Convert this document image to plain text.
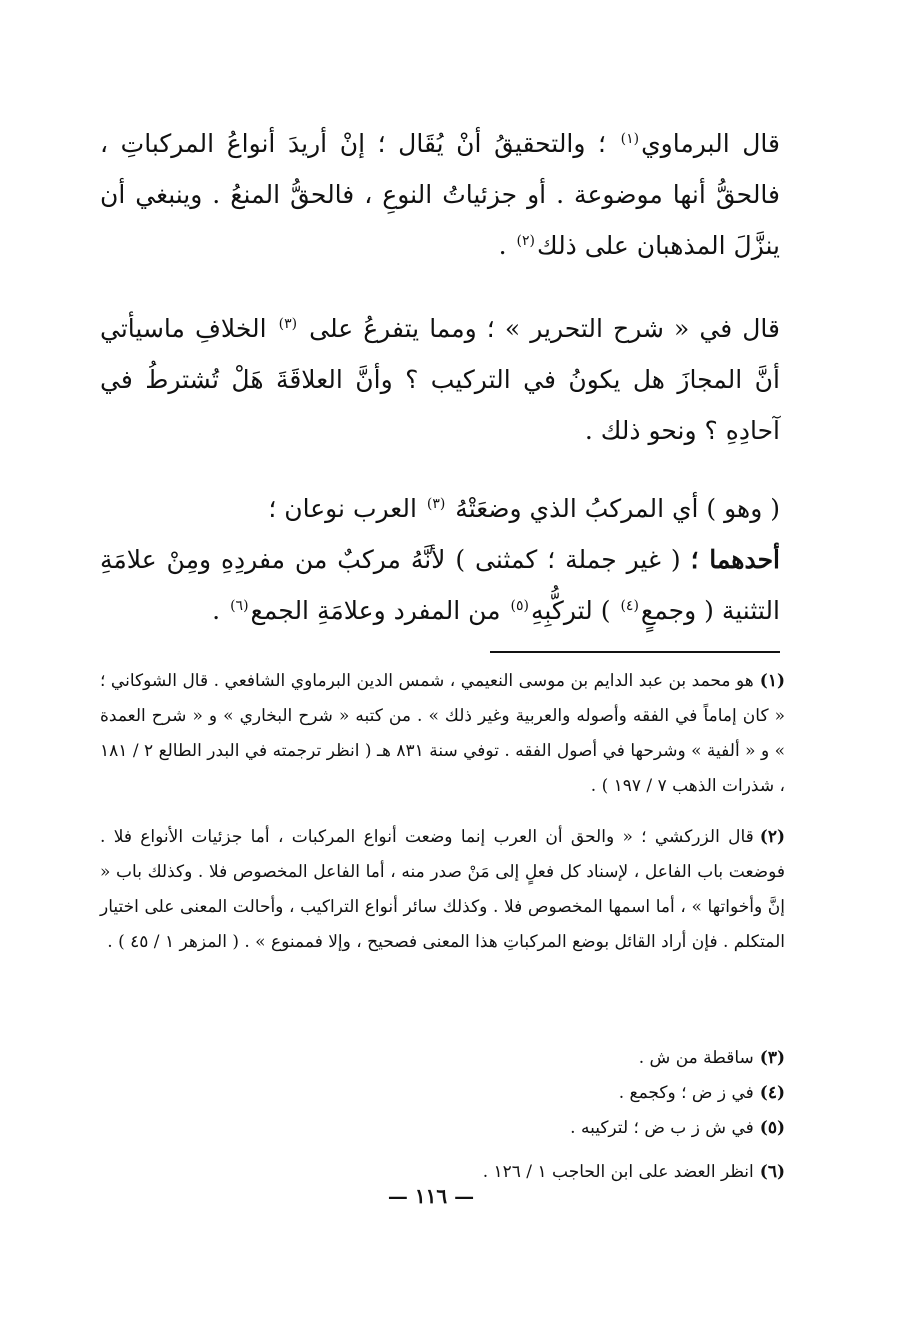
قال البرماوي$^{(١)}$ ؛ والتحقيقُ أنْ يُقَال ؛ إنْ أريدَ أنواعُ المركباتِ ، فالحقُّ أنها موضوعة . أو جزئياتُ النوعِ ، فالحقُّ المنعُ . وينبغي أن ينزَّلَ المذهبان على ذلك$^{(٢)}$ .
قال في « شرح التحرير » ؛ ومما يتفرعُ على $^{(٣)}$ الخلافِ ماسيأتي أنَّ المجازَ هل يكونُ في التركيب ؟ وأنَّ العلاقَةَ هَلْ تُشترطُ في آحادِهِ ؟ ونحو ذلك .
( وهو ) أي المركبُ الذي وضعَتْهُ $^{(٣)}$ العرب نوعان ؛
أحدهما ؛ ( غير جملة ؛ كمثنى ) لأنَّهُ مركبٌ من مفردِهِ ومِنْ علامَةِ التثنية ( وجمعٍ$^{(٤)}$ ) لتركُّبِهِ$^{(٥)}$ من المفرد وعلامَةِ الجمع$^{(٦)}$ .
(١)هو محمد بن عبد الدايم بن موسى النعيمي ، شمس الدين البرماوي الشافعي . قال الشوكاني ؛ « كان إماماً في الفقه وأصوله والعربية وغير ذلك » . من كتبه « شرح البخاري » و « شرح العمدة » و « ألفية » وشرحها في أصول الفقه . توفي سنة ٨٣١ هـ ( انظر ترجمته في البدر الطالع ٢ / ١٨١ ، شذرات الذهب ٧ / ١٩٧ ) .
(٢)قال الزركشي ؛ « والحق أن العرب إنما وضعت أنواع المركبات ، أما جزئيات الأنواع فلا . فوضعت باب الفاعل ، لإسناد كل فعلٍ إلى مَنْ صدر منه ، أما الفاعل المخصوص فلا . وكذلك باب « إنَّ وأخواتها » ، أما اسمها المخصوص فلا . وكذلك سائر أنواع التراكيب ، وأحالت المعنى على اختيار المتكلم . فإن أراد القائل بوضع المركباتِ هذا المعنى فصحيح ، وإلا فممنوع » . ( المزهر ١ / ٤٥ ) .
(٣)ساقطة من ش .
(٤)في ز ض ؛ وكجمع .
(٥)في ش ز ب ض ؛ لتركيبه .
(٦)انظر العضد على ابن الحاجب ١ / ١٢٦ .
— ١١٦ —
